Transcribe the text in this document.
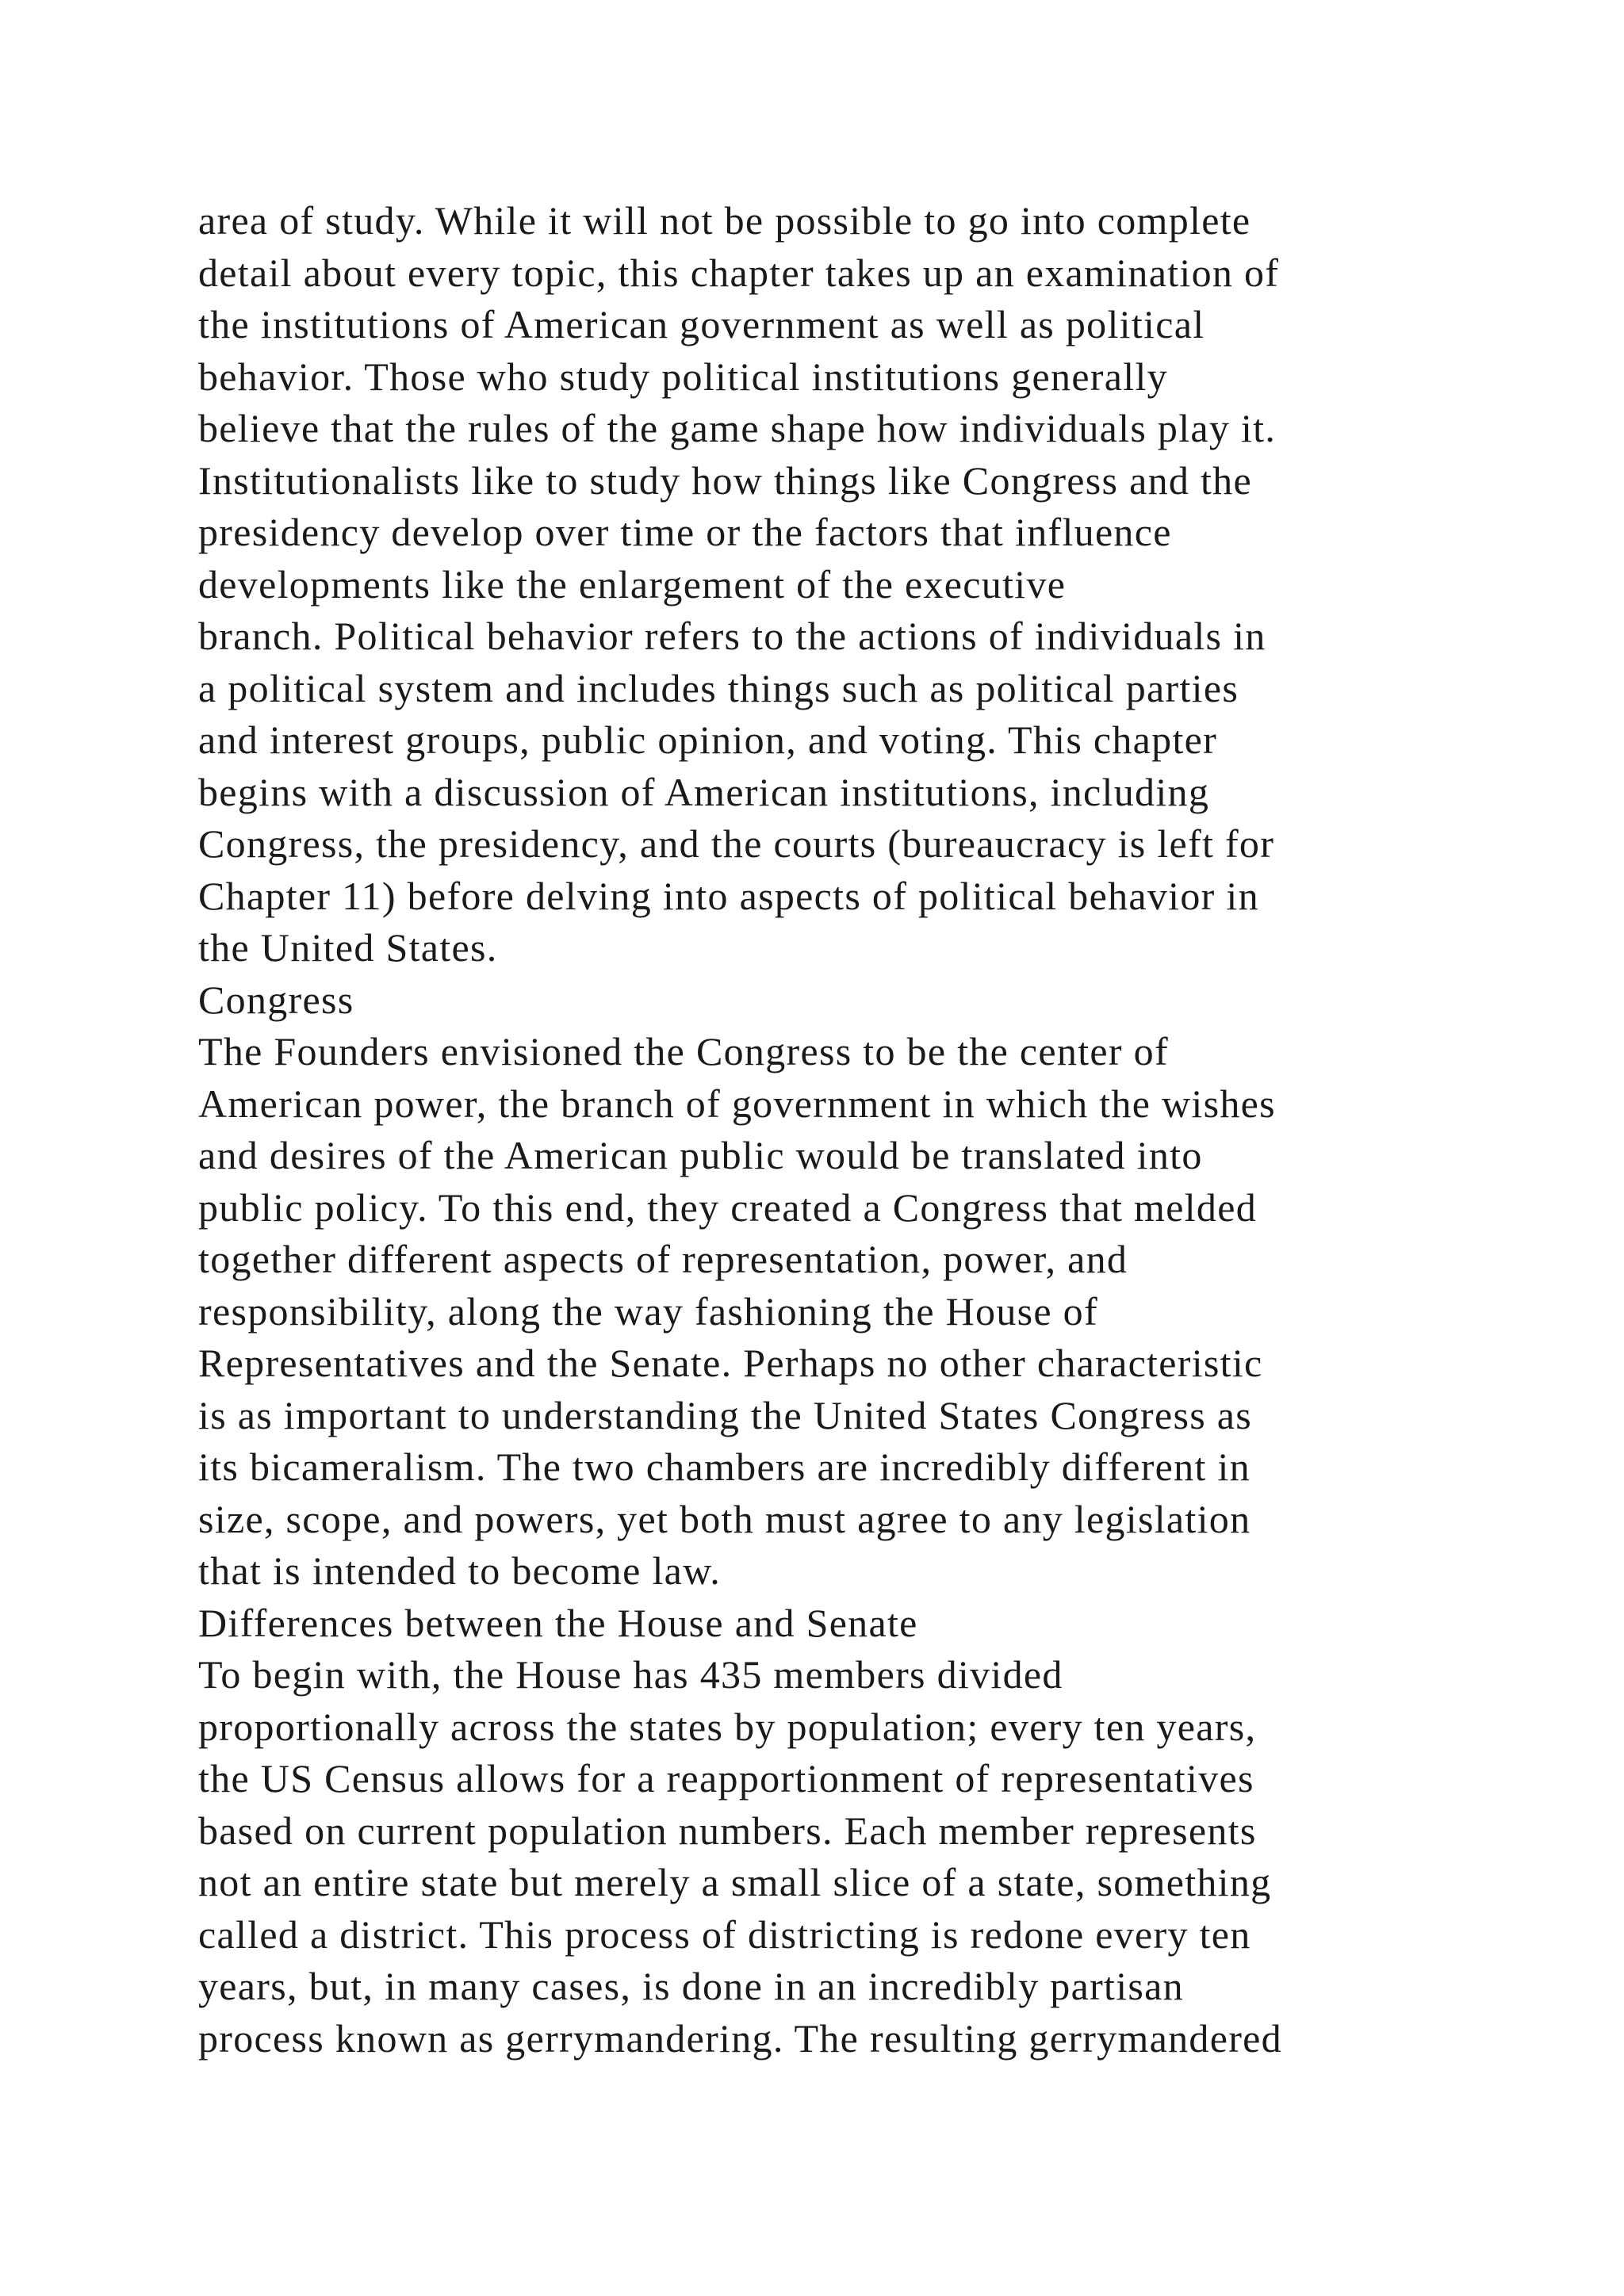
area of study. While it will not be possible to go into complete
detail about every topic, this chapter takes up an examination of
the institutions of American government as well as political
behavior. Those who study political institutions generally
believe that the rules of the game shape how individuals play it.
Institutionalists like to study how things like Congress and the
presidency develop over time or the factors that influence
developments like the enlargement of the executive
branch. Political behavior refers to the actions of individuals in
a political system and includes things such as political parties
and interest groups, public opinion, and voting. This chapter
begins with a discussion of American institutions, including
Congress, the presidency, and the courts (bureaucracy is left for
Chapter 11) before delving into aspects of political behavior in
the United States.
Congress
The Founders envisioned the Congress to be the center of
American power, the branch of government in which the wishes
and desires of the American public would be translated into
public policy. To this end, they created a Congress that melded
together different aspects of representation, power, and
responsibility, along the way fashioning the House of
Representatives and the Senate. Perhaps no other characteristic
is as important to understanding the United States Congress as
its bicameralism. The two chambers are incredibly different in
size, scope, and powers, yet both must agree to any legislation
that is intended to become law.
Differences between the House and Senate
To begin with, the House has 435 members divided
proportionally across the states by population; every ten years,
the US Census allows for a reapportionment of representatives
based on current population numbers. Each member represents
not an entire state but merely a small slice of a state, something
called a district. This process of districting is redone every ten
years, but, in many cases, is done in an incredibly partisan
process known as gerrymandering. The resulting gerrymandered
